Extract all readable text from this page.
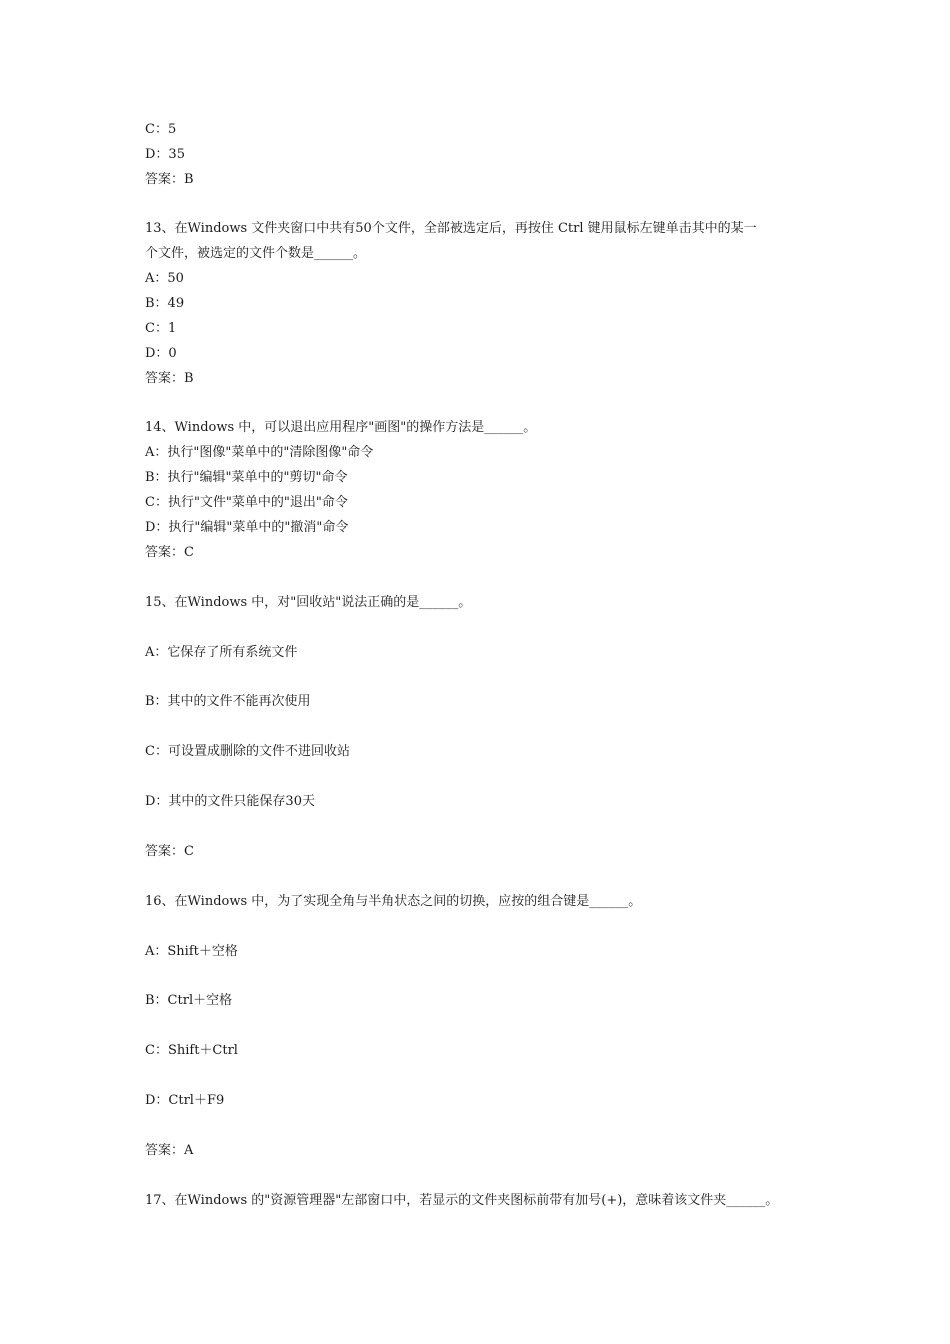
C：5
D：35
答案：B
13、在Windows 文件夹窗口中共有50个文件，全部被选定后，再按住 Ctrl 键用鼠标左键单击其中的某一
个文件，被选定的文件个数是______。
A：50
B：49
C：1
D：0
答案：B
14、Windows 中，可以退出应用程序"画图"的操作方法是______。
A：执行"图像"菜单中的"清除图像"命令
B：执行"编辑"菜单中的"剪切"命令
C：执行"文件"菜单中的"退出"命令
D：执行"编辑"菜单中的"撤消"命令
答案：C
15、在Windows 中，对"回收站"说法正确的是______。
A：它保存了所有系统文件
B：其中的文件不能再次使用
C：可设置成删除的文件不进回收站
D：其中的文件只能保存30天
答案：C
16、在Windows 中，为了实现全角与半角状态之间的切换，应按的组合键是______。
A：Shift＋空格
B：Ctrl＋空格
C：Shift＋Ctrl
D：Ctrl＋F9
答案：A
17、在Windows 的"资源管理器"左部窗口中，若显示的文件夹图标前带有加号(+)，意味着该文件夹______。
